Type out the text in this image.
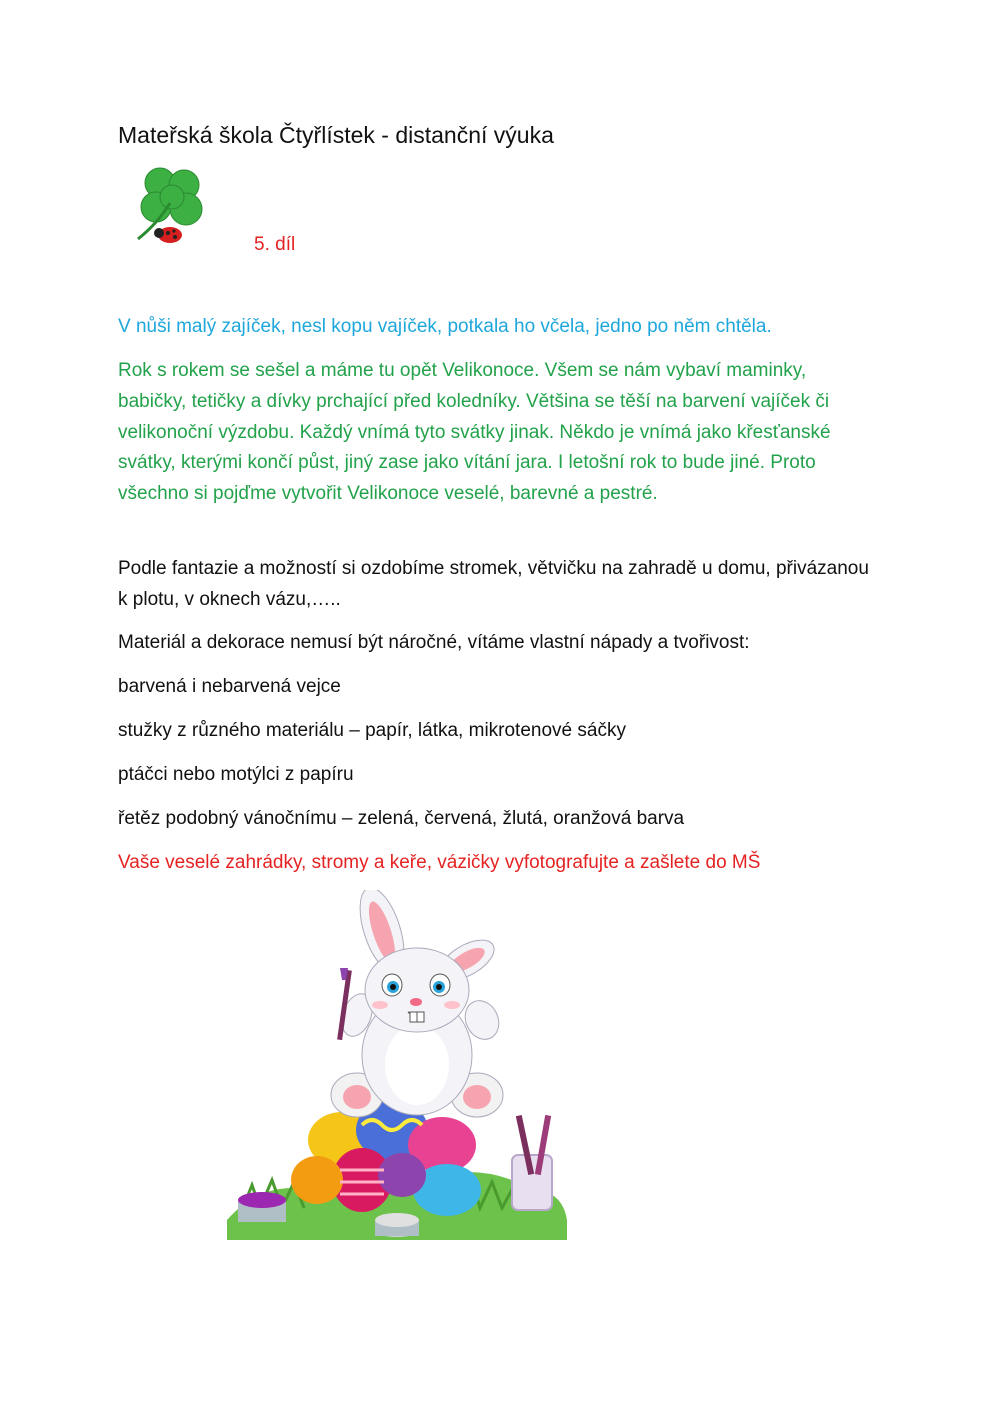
Mateřská škola Čtyřlístek - distanční výuka
5. díl

V nůši malý zajíček, nesl kopu vajíček, potkala ho včela, jedno po něm chtěla.

Rok s rokem se sešel a máme tu opět Velikonoce. Všem se nám vybaví maminky, babičky, tetičky a dívky prchající před koledníky. Většina se těší na barvení vajíček či velikonoční výzdobu. Každý vnímá tyto svátky jinak. Někdo je vnímá jako křesťanské svátky, kterými končí půst, jiný zase jako vítání jara. I letošní rok to bude jiné. Proto všechno si pojďme vytvořit Velikonoce veselé, barevné a pestré.

Podle fantazie a možností si ozdobíme stromek, větvičku na zahradě u domu, přivázanou k plotu, v oknech vázu,…..

Materiál a dekorace nemusí být náročné, vítáme vlastní nápady a tvořivost:

barvená i nebarvená vejce

stužky z různého materiálu – papír, látka, mikrotenové sáčky

ptáčci nebo motýlci z papíru

řetěz podobný vánočnímu – zelená, červená, žlutá, oranžová barva

Vaše veselé zahrádky, stromy a keře, vázičky vyfotografujte a zašlete do MŠ
